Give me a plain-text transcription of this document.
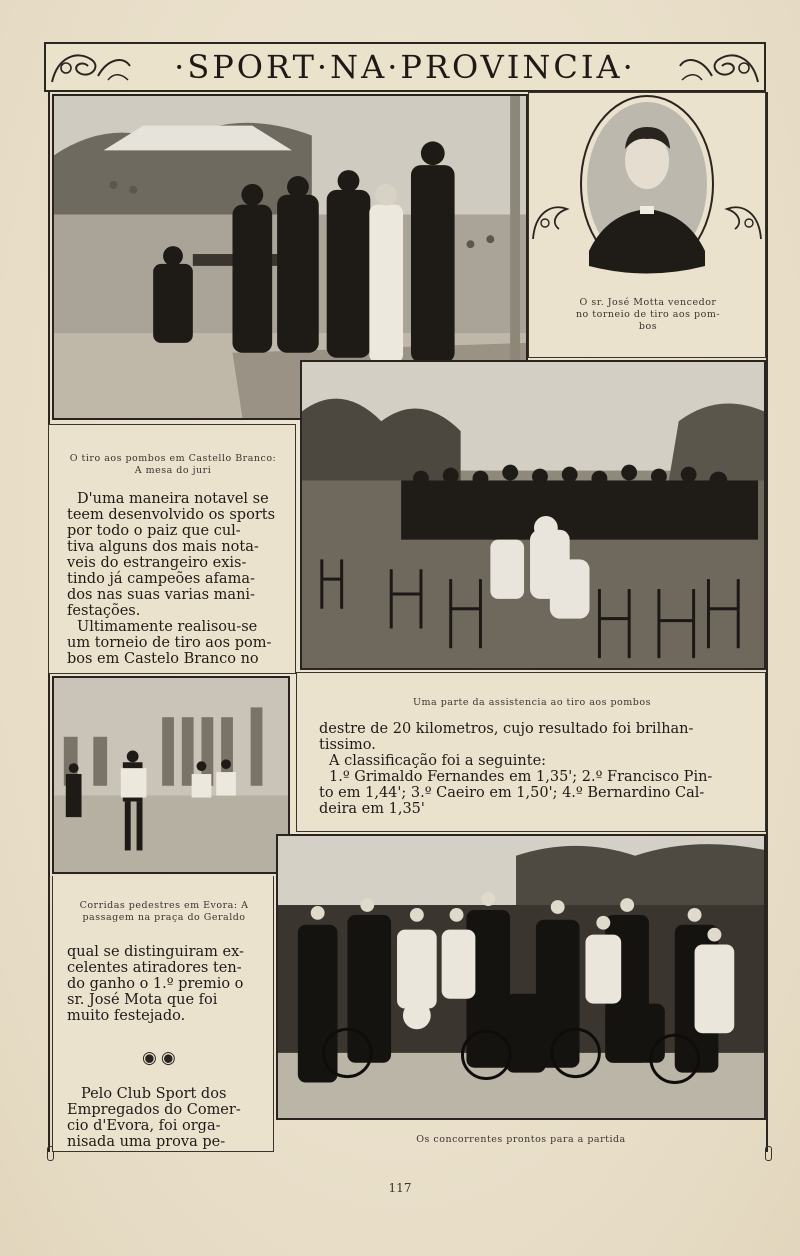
·SPORT·NA·PROVINCIA·
O sr. José Motta vencedor
no torneio de tiro aos pom-
bos
O tiro aos pombos em Castello Branco:
A mesa do juri

D'uma maneira notavel se

teem desenvolvido os sports

por todo o paiz que cul-

tiva alguns dos mais nota-

veis do estrangeiro exis-

tindo já campeões afama-

dos nas suas varias mani-

festações.

Ultimamente realisou-se

um torneio de tiro aos pom-

bos em Castelo Branco no

Uma parte da assistencia ao tiro aos pombos

destre de 20 kilometros, cujo resultado foi brilhan-

tissimo.

A classificação foi a seguinte:

1.º Grimaldo Fernandes em 1,35'; 2.º Francisco Pin-

to em 1,44'; 3.º Caeiro em 1,50'; 4.º Bernardino Cal-

deira em 1,35'

Corridas pedestres em Evora: A
passagem na praça do Geraldo

qual se distinguiram ex-

celentes atiradores ten-

do ganho o 1.º premio o

sr. José Mota que foi

muito festejado.

Pelo Club Sport dos

Empregados do Comer-

cio d'Evora, foi orga-

nisada uma prova pe-

◉◉
Os concorrentes prontos para a partida
117
